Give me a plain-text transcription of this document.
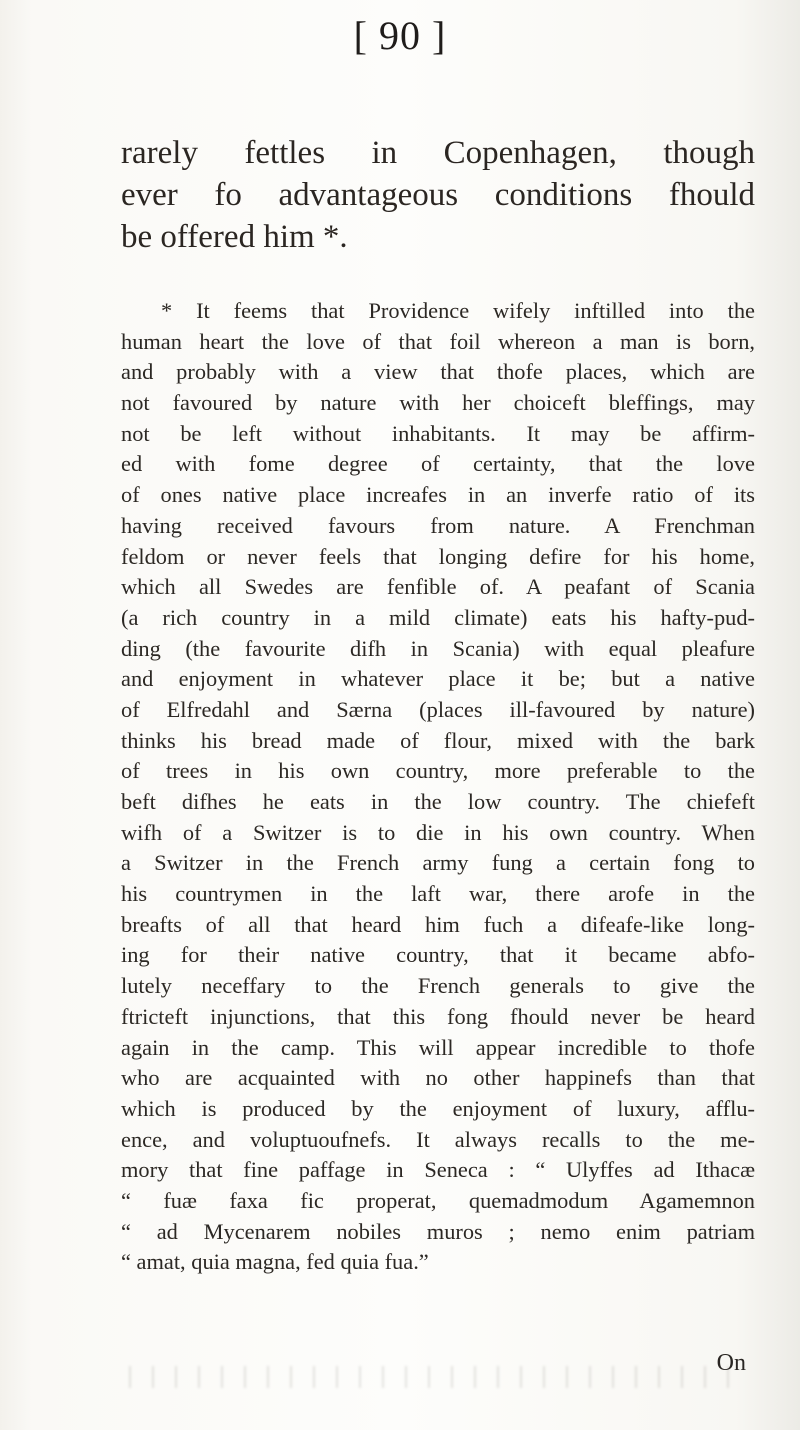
[ 90 ]
rarely fettles in Copenhagen, though
ever fo advantageous conditions fhould
be offered him *.
* It feems that Providence wifely inftilled into the
human heart the love of that foil whereon a man is born,
and probably with a view that thofe places, which are
not favoured by nature with her choiceft bleffings, may
not be left without inhabitants. It may be affirm-
ed with fome degree of certainty, that the love
of ones native place increafes in an inverfe ratio of its
having received favours from nature. A Frenchman
feldom or never feels that longing defire for his home,
which all Swedes are fenfible of. A peafant of Scania
(a rich country in a mild climate) eats his hafty-pud-
ding (the favourite difh in Scania) with equal pleafure
and enjoyment in whatever place it be; but a native
of Elfredahl and Særna (places ill-favoured by nature)
thinks his bread made of flour, mixed with the bark
of trees in his own country, more preferable to the
beft difhes he eats in the low country. The chiefeft
wifh of a Switzer is to die in his own country. When
a Switzer in the French army fung a certain fong to
his countrymen in the laft war, there arofe in the
breafts of all that heard him fuch a difeafe-like long-
ing for their native country, that it became abfo-
lutely neceffary to the French generals to give the
ftricteft injunctions, that this fong fhould never be heard
again in the camp. This will appear incredible to thofe
who are acquainted with no other happinefs than that
which is produced by the enjoyment of luxury, afflu-
ence, and voluptuoufnefs. It always recalls to the me-
mory that fine paffage in Seneca : “ Ulyffes ad Ithacæ
“ fuæ faxa fic properat, quemadmodum Agamemnon
“ ad Mycenarem nobiles muros ; nemo enim patriam
“ amat, quia magna, fed quia fua.”
On
